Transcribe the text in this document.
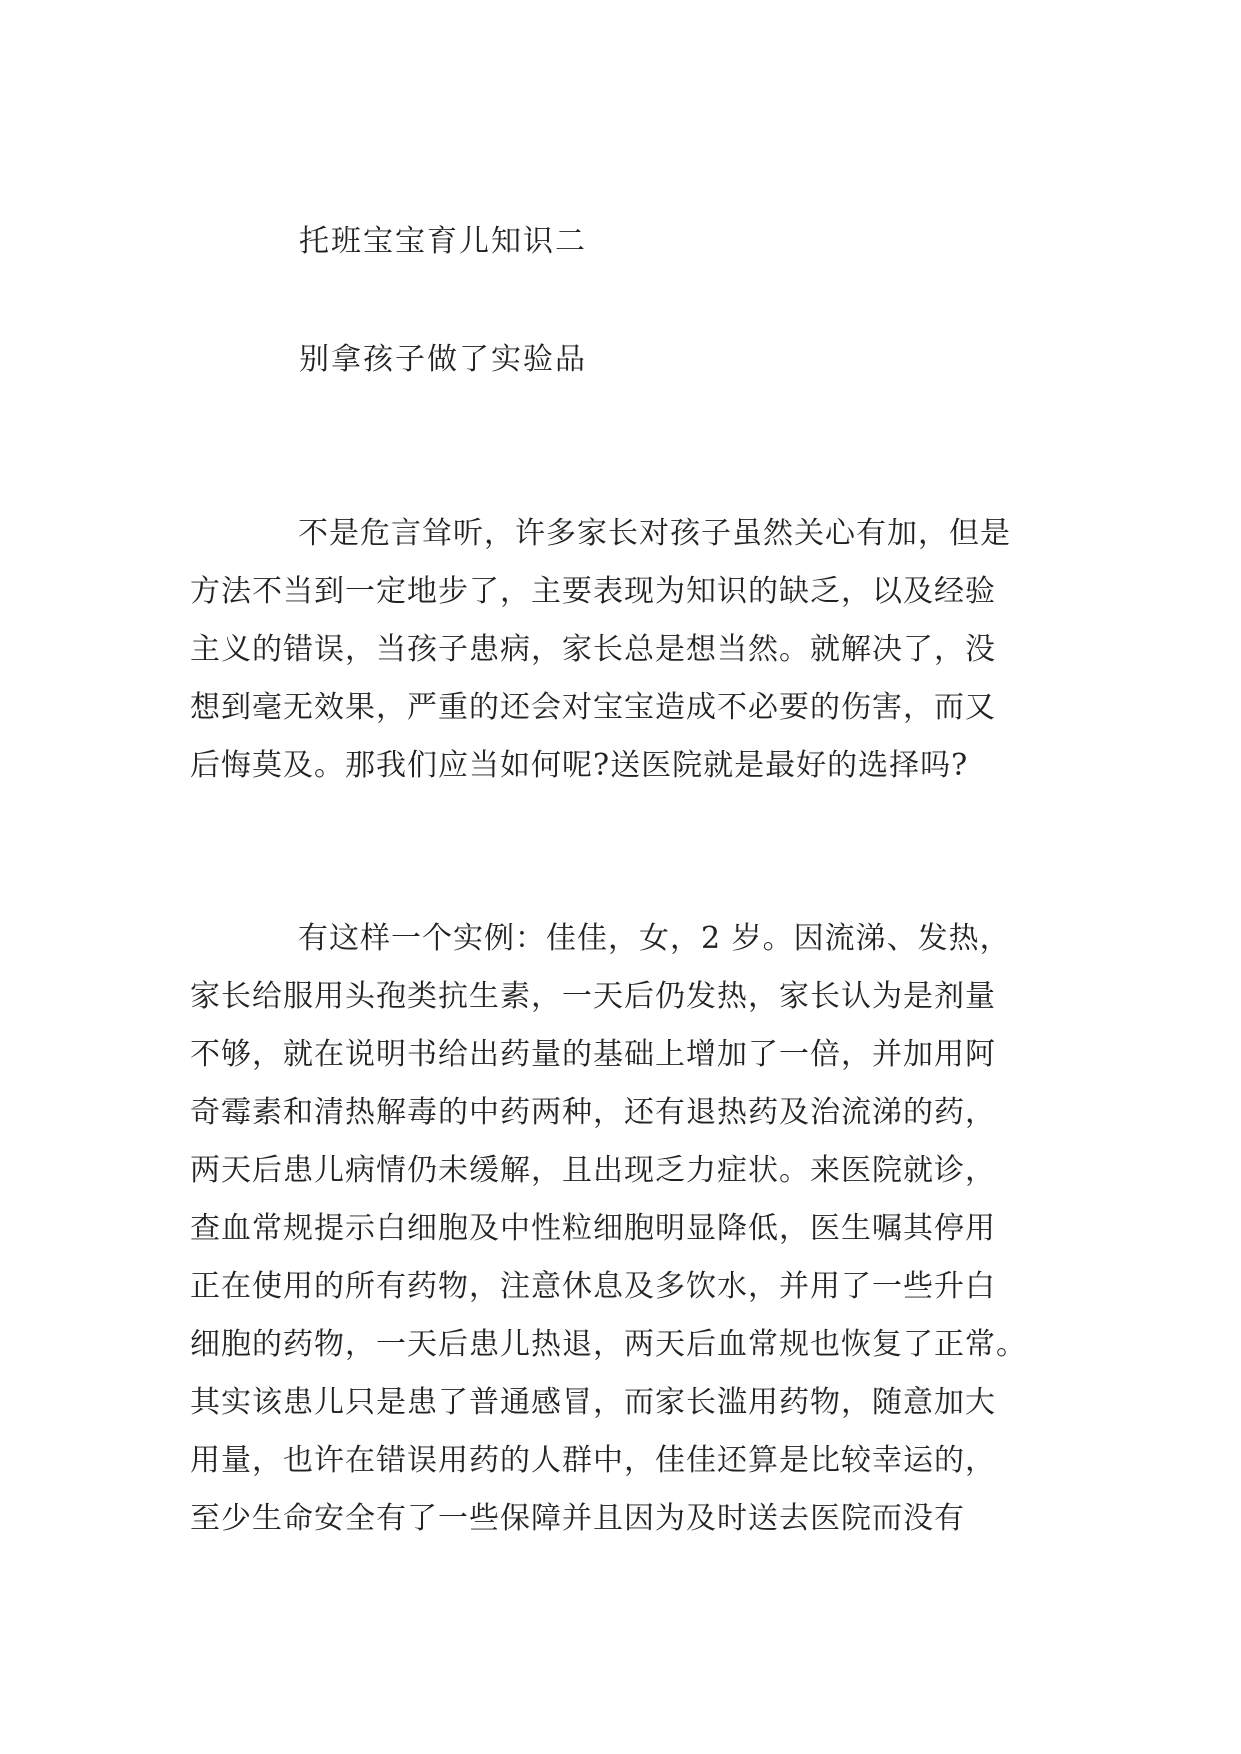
托班宝宝育儿知识二
别拿孩子做了实验品
不是危言耸听，许多家长对孩子虽然关心有加，但是
方法不当到一定地步了，主要表现为知识的缺乏，以及经验
主义的错误，当孩子患病，家长总是想当然。就解决了，没
想到毫无效果，严重的还会对宝宝造成不必要的伤害，而又
后悔莫及。那我们应当如何呢?送医院就是最好的选择吗?
有这样一个实例：佳佳，女，2 岁。因流涕、发热，
家长给服用头孢类抗生素，一天后仍发热，家长认为是剂量
不够，就在说明书给出药量的基础上增加了一倍，并加用阿
奇霉素和清热解毒的中药两种，还有退热药及治流涕的药，
两天后患儿病情仍未缓解，且出现乏力症状。来医院就诊，
查血常规提示白细胞及中性粒细胞明显降低，医生嘱其停用
正在使用的所有药物，注意休息及多饮水，并用了一些升白
细胞的药物，一天后患儿热退，两天后血常规也恢复了正常。
其实该患儿只是患了普通感冒，而家长滥用药物，随意加大
用量，也许在错误用药的人群中，佳佳还算是比较幸运的，
至少生命安全有了一些保障并且因为及时送去医院而没有
